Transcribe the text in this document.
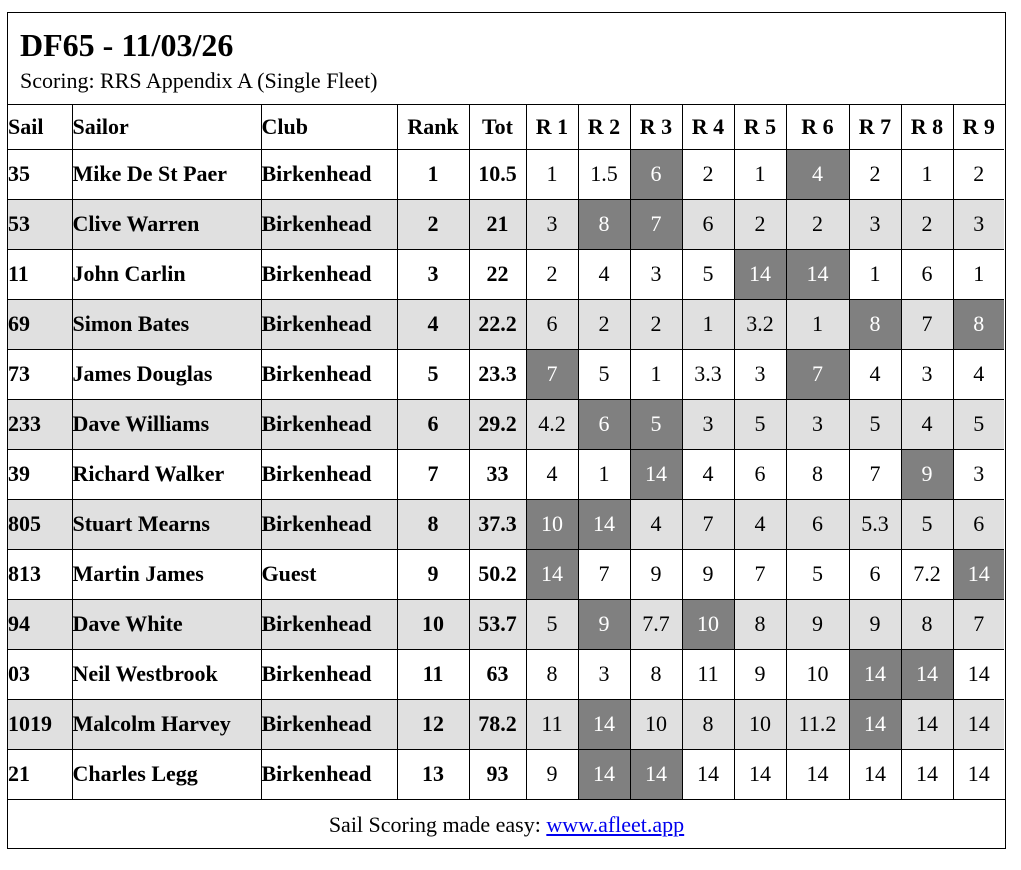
DF65 - 11/03/26
Scoring: RRS Appendix A (Single Fleet)
Sail	Sailor	Club	Rank	Tot	R 1	R 2	R 3	R 4	R 5	R 6	R 7	R 8	R 9
35	Mike De St Paer	Birkenhead	1	10.5	1	1.5	6	2	1	4	2	1	2
53	Clive Warren	Birkenhead	2	21	3	8	7	6	2	2	3	2	3
11	John Carlin	Birkenhead	3	22	2	4	3	5	14	14	1	6	1
69	Simon Bates	Birkenhead	4	22.2	6	2	2	1	3.2	1	8	7	8
73	James Douglas	Birkenhead	5	23.3	7	5	1	3.3	3	7	4	3	4
233	Dave Williams	Birkenhead	6	29.2	4.2	6	5	3	5	3	5	4	5
39	Richard Walker	Birkenhead	7	33	4	1	14	4	6	8	7	9	3
805	Stuart Mearns	Birkenhead	8	37.3	10	14	4	7	4	6	5.3	5	6
813	Martin James	Guest	9	50.2	14	7	9	9	7	5	6	7.2	14
94	Dave White	Birkenhead	10	53.7	5	9	7.7	10	8	9	9	8	7
03	Neil Westbrook	Birkenhead	11	63	8	3	8	11	9	10	14	14	14
1019	Malcolm Harvey	Birkenhead	12	78.2	11	14	10	8	10	11.2	14	14	14
21	Charles Legg	Birkenhead	13	93	9	14	14	14	14	14	14	14	14
Sail Scoring made easy: www.afleet.app
